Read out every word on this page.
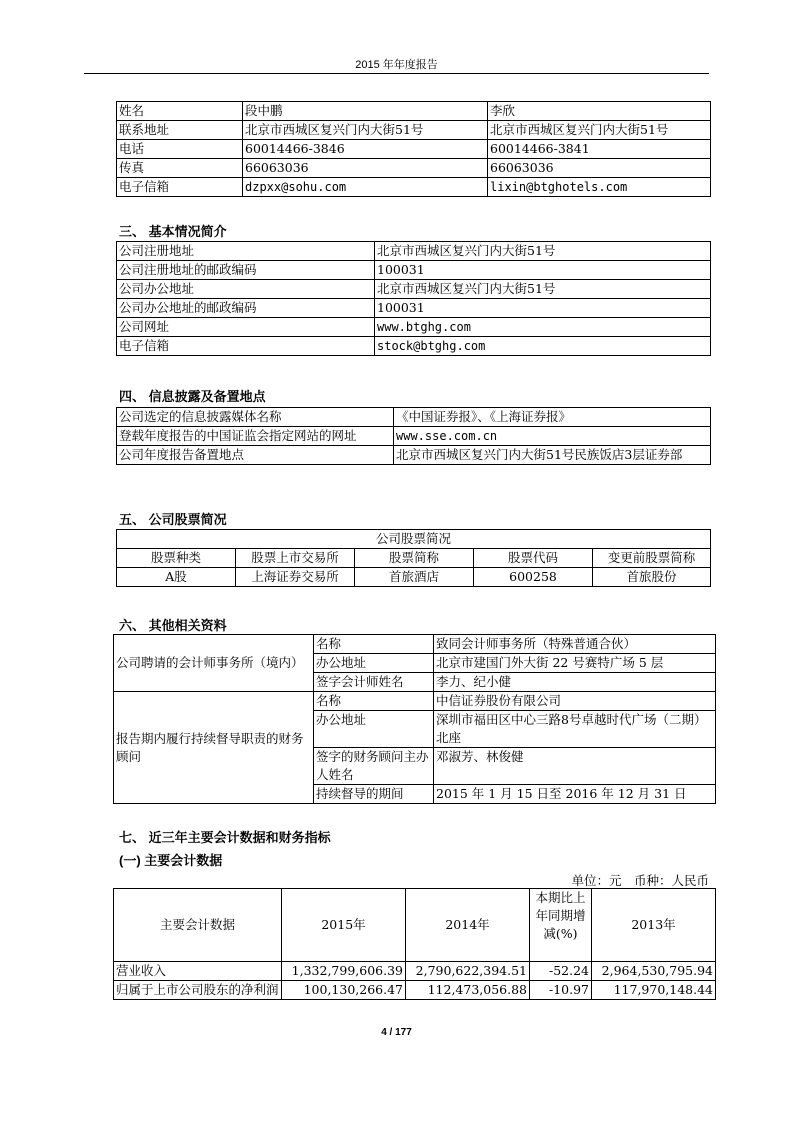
2015 年年度报告
姓名	段中鹏	李欣
联系地址	北京市西城区复兴门内大街51号	北京市西城区复兴门内大街51号
电话	60014466-3846	60014466-3841
传真	66063036	66063036
电子信箱	dzpxx@sohu.com	lixin@btghotels.com
三、 基本情况简介
公司注册地址	北京市西城区复兴门内大街51号
公司注册地址的邮政编码	100031
公司办公地址	北京市西城区复兴门内大街51号
公司办公地址的邮政编码	100031
公司网址	www.btghg.com
电子信箱	stock@btghg.com
四、 信息披露及备置地点
公司选定的信息披露媒体名称	《中国证券报》、《上海证券报》
登载年度报告的中国证监会指定网站的网址	www.sse.com.cn
公司年度报告备置地点	北京市西城区复兴门内大街51号民族饭店3层证券部
五、 公司股票简况
公司股票简况				
股票种类	股票上市交易所	股票简称	股票代码	变更前股票简称
A股	上海证券交易所	首旅酒店	600258	首旅股份
六、 其他相关资料
公司聘请的会计师事务所（境内）	名称	致同会计师事务所（特殊普通合伙）
	办公地址	北京市建国门外大街 22 号赛特广场 5 层
	签字会计师姓名	李力、纪小健
报告期内履行持续督导职责的财务顾问	名称	中信证券股份有限公司
	办公地址	深圳市福田区中心三路8号卓越时代广场（二期）北座
	签字的财务顾问主办人姓名	邓淑芳、林俊健
	持续督导的期间	2015 年 1 月 15 日至 2016 年 12 月 31 日
七、 近三年主要会计数据和财务指标
(一) 主要会计数据
单位：元　币种：人民币
主要会计数据	2015年	2014年	本期比上年同期增减(%)	2013年
营业收入	1,332,799,606.39	2,790,622,394.51	-52.24	2,964,530,795.94
归属于上市公司股东的净利润	100,130,266.47	112,473,056.88	-10.97	117,970,148.44
4 / 177
